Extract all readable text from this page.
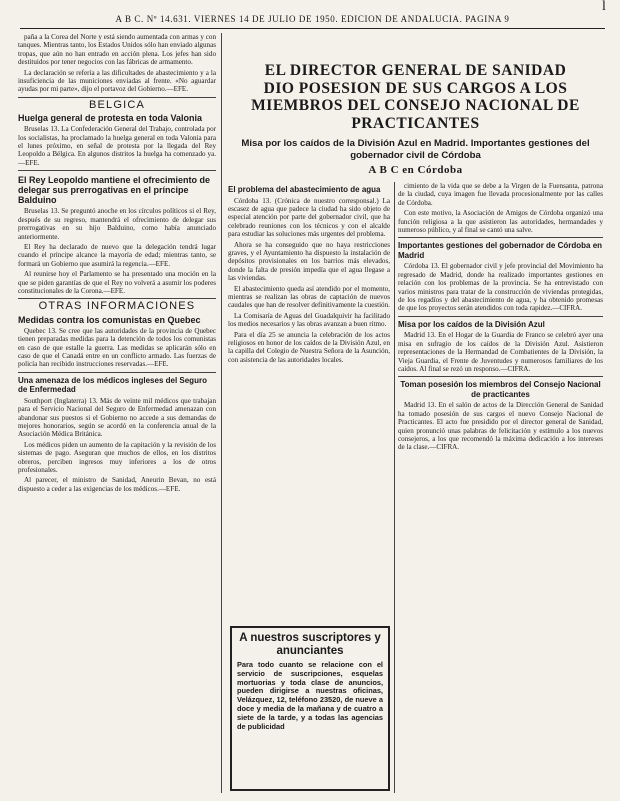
A B C. Nº 14.631. VIERNES 14 DE JULIO DE 1950. EDICION DE ANDALUCIA. PAGINA 9
l

paña a la Corea del Norte y está siendo aumentada con armas y con tanques. Mientras tanto, los Estados Unidos sólo han enviado algunas tropas, que aún no han entrado en acción plena. Los jefes han sido destituidos por tener negocios con las fábricas de armamento.

La declaración se refería a las dificultades de abastecimiento y a la insuficiencia de las municiones enviadas al frente. «No aguardar ayudas por mi parte», dijo el portavoz del Gobierno.—EFE.

BELGICA
Huelga general de protesta en toda Valonia

Bruselas 13. La Confederación General del Trabajo, controlada por los socialistas, ha proclamado la huelga general en toda Valonia para el lunes próximo, en señal de protesta por la llegada del Rey Leopoldo a Bélgica. En algunos distritos la huelga ha comenzado ya.—EFE.

El Rey Leopoldo mantiene el ofrecimiento de delegar sus prerrogativas en el príncipe Balduino

Bruselas 13. Se preguntó anoche en los círculos políticos si el Rey, después de su regreso, mantendrá el ofrecimiento de delegar sus prerrogativas en su hijo Balduino, como había anunciado anteriormente.

El Rey ha declarado de nuevo que la delegación tendrá lugar cuando el príncipe alcance la mayoría de edad; mientras tanto, se formará un Gobierno que asumirá la regencia.—EFE.

Al reunirse hoy el Parlamento se ha presentado una moción en la que se piden garantías de que el Rey no volverá a asumir los poderes constitucionales de la Corona.—EFE.

OTRAS INFORMACIONES
Medidas contra los comunistas en Quebec

Quebec 13. Se cree que las autoridades de la provincia de Quebec tienen preparadas medidas para la detención de todos los comunistas en caso de que estalle la guerra. Las medidas se aplicarán sólo en caso de que el Canadá entre en un conflicto armado. Las fuerzas de policía han recibido instrucciones reservadas.—EFE.

Una amenaza de los médicos ingleses del Seguro de Enfermedad

Southport (Inglaterra) 13. Más de veinte mil médicos que trabajan para el Servicio Nacional del Seguro de Enfermedad amenazan con abandonar sus puestos si el Gobierno no accede a sus demandas de mejores honorarios, según se acordó en la conferencia anual de la Asociación Médica Británica.

Los médicos piden un aumento de la capitación y la revisión de los sistemas de pago. Aseguran que muchos de ellos, en los distritos obreros, perciben ingresos muy inferiores a los de otros profesionales.

Al parecer, el ministro de Sanidad, Aneurin Bevan, no está dispuesto a ceder a las exigencias de los médicos.—EFE.

EL DIRECTOR GENERAL DE SANIDAD
DIO POSESION DE SUS CARGOS A LOS
MIEMBROS DEL CONSEJO NACIONAL DE
PRACTICANTES
Misa por los caídos de la División Azul en Madrid. Importantes gestiones del gobernador civil de Córdoba
A B C en Córdoba
El problema del abastecimiento de agua

Córdoba 13. (Crónica de nuestro corresponsal.) La escasez de agua que padece la ciudad ha sido objeto de especial atención por parte del gobernador civil, que ha celebrado reuniones con los técnicos y con el alcalde para estudiar las soluciones más urgentes del problema.

Ahora se ha conseguido que no haya restricciones graves, y el Ayuntamiento ha dispuesto la instalación de depósitos provisionales en los barrios más elevados, donde la falta de presión impedía que el agua llegase a las viviendas.

El abastecimiento queda así atendido por el momento, mientras se realizan las obras de captación de nuevos caudales que han de resolver definitivamente la cuestión.

La Comisaría de Aguas del Guadalquivir ha facilitado los medios necesarios y las obras avanzan a buen ritmo.

Para el día 25 se anuncia la celebración de los actos religiosos en honor de los caídos de la División Azul, en la capilla del Colegio de Nuestra Señora de la Asunción, con asistencia de las autoridades locales.

A nuestros suscriptores y anunciantes
Para todo cuanto se relacione con el servicio de suscripciones, esquelas mortuorias y toda clase de anuncios, pueden dirigirse a nuestras oficinas, Velázquez, 12, teléfono 23520, de nueve a doce y media de la mañana y de cuatro a siete de la tarde, y a todas las agencias de publicidad

cimiento de la vida que se debe a la Virgen de la Fuensanta, patrona de la ciudad, cuya imagen fue llevada procesionalmente por las calles de Córdoba.

Con este motivo, la Asociación de Amigos de Córdoba organizó una función religiosa a la que asistieron las autoridades, hermandades y numeroso público, y al final se cantó una salve.

Importantes gestiones del gobernador de Córdoba en Madrid

Córdoba 13. El gobernador civil y jefe provincial del Movimiento ha regresado de Madrid, donde ha realizado importantes gestiones en relación con los problemas de la provincia. Se ha entrevistado con varios ministros para tratar de la construcción de viviendas protegidas, de los regadíos y del abastecimiento de agua, y ha obtenido promesas de que los proyectos serán atendidos con toda rapidez.—CIFRA.

Misa por los caídos de la División Azul

Madrid 13. En el Hogar de la Guardia de Franco se celebró ayer una misa en sufragio de los caídos de la División Azul. Asistieron representaciones de la Hermandad de Combatientes de la División, la Vieja Guardia, el Frente de Juventudes y numerosos familiares de los caídos. Al final se rezó un responso.—CIFRA.

Toman posesión los miembros del Consejo Nacional de practicantes

Madrid 13. En el salón de actos de la Dirección General de Sanidad ha tomado posesión de sus cargos el nuevo Consejo Nacional de Practicantes. El acto fue presidido por el director general de Sanidad, quien pronunció unas palabras de felicitación y estímulo a los nuevos consejeros, a los que recomendó la máxima dedicación a los intereses de la clase.—CIFRA.
